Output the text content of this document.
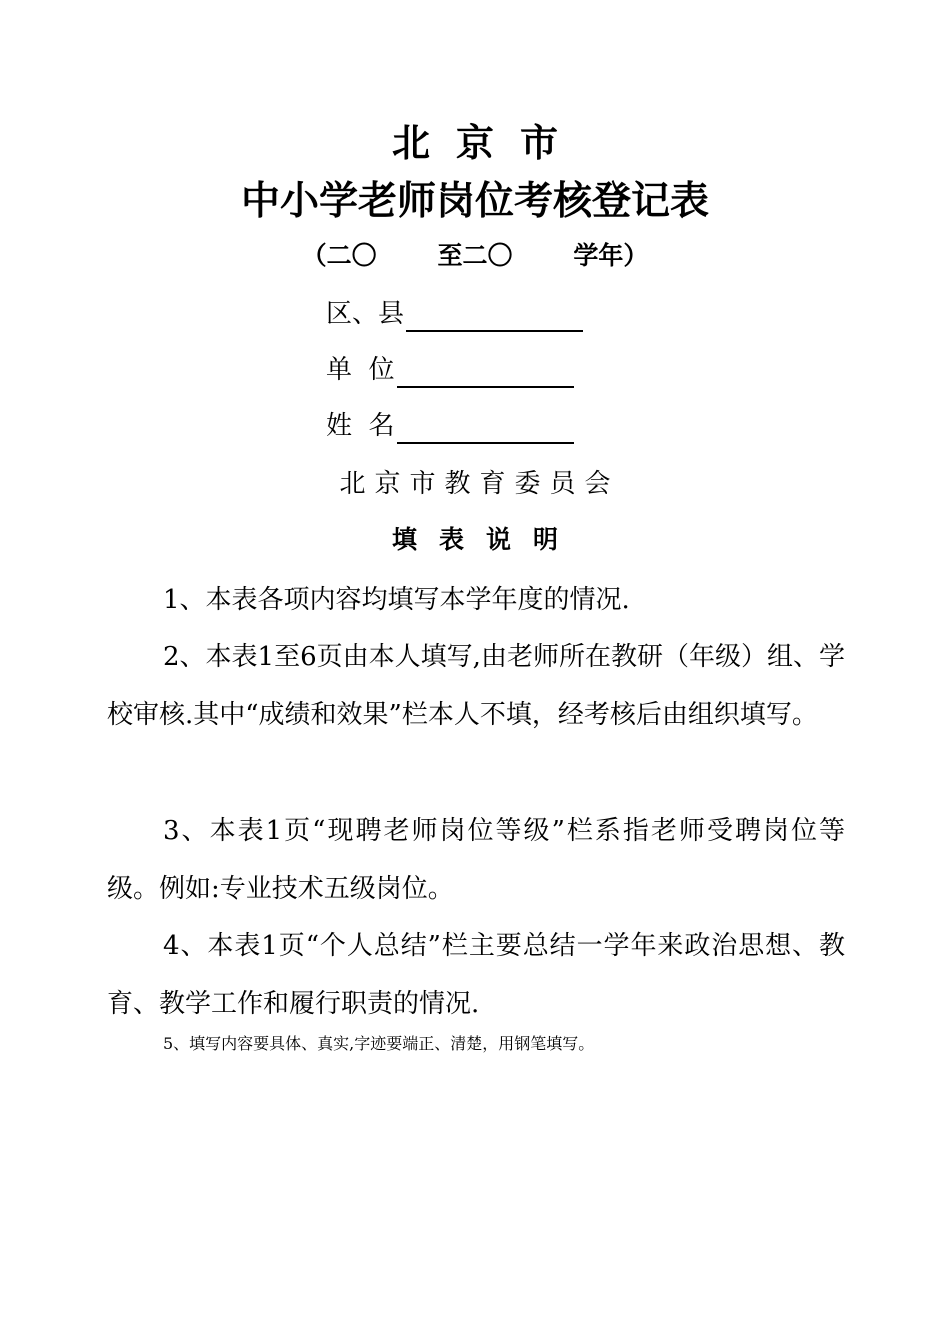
北京市
中小学老师岗位考核登记表
（二〇       至二〇       学年）
区、县
单  位
姓  名
北京市教育委员会
填表说明

1、本表各项内容均填写本学年度的情况.

2、本表1至6页由本人填写,由老师所在教研（年级）组、学校审核.其中“成绩和效果”栏本人不填，经考核后由组织填写。

3、本表1页“现聘老师岗位等级”栏系指老师受聘岗位等级。例如:专业技术五级岗位。

4、本表1页“个人总结”栏主要总结一学年来政治思想、教育、教学工作和履行职责的情况.

5、填写内容要具体、真实,字迹要端正、清楚，用钢笔填写。
